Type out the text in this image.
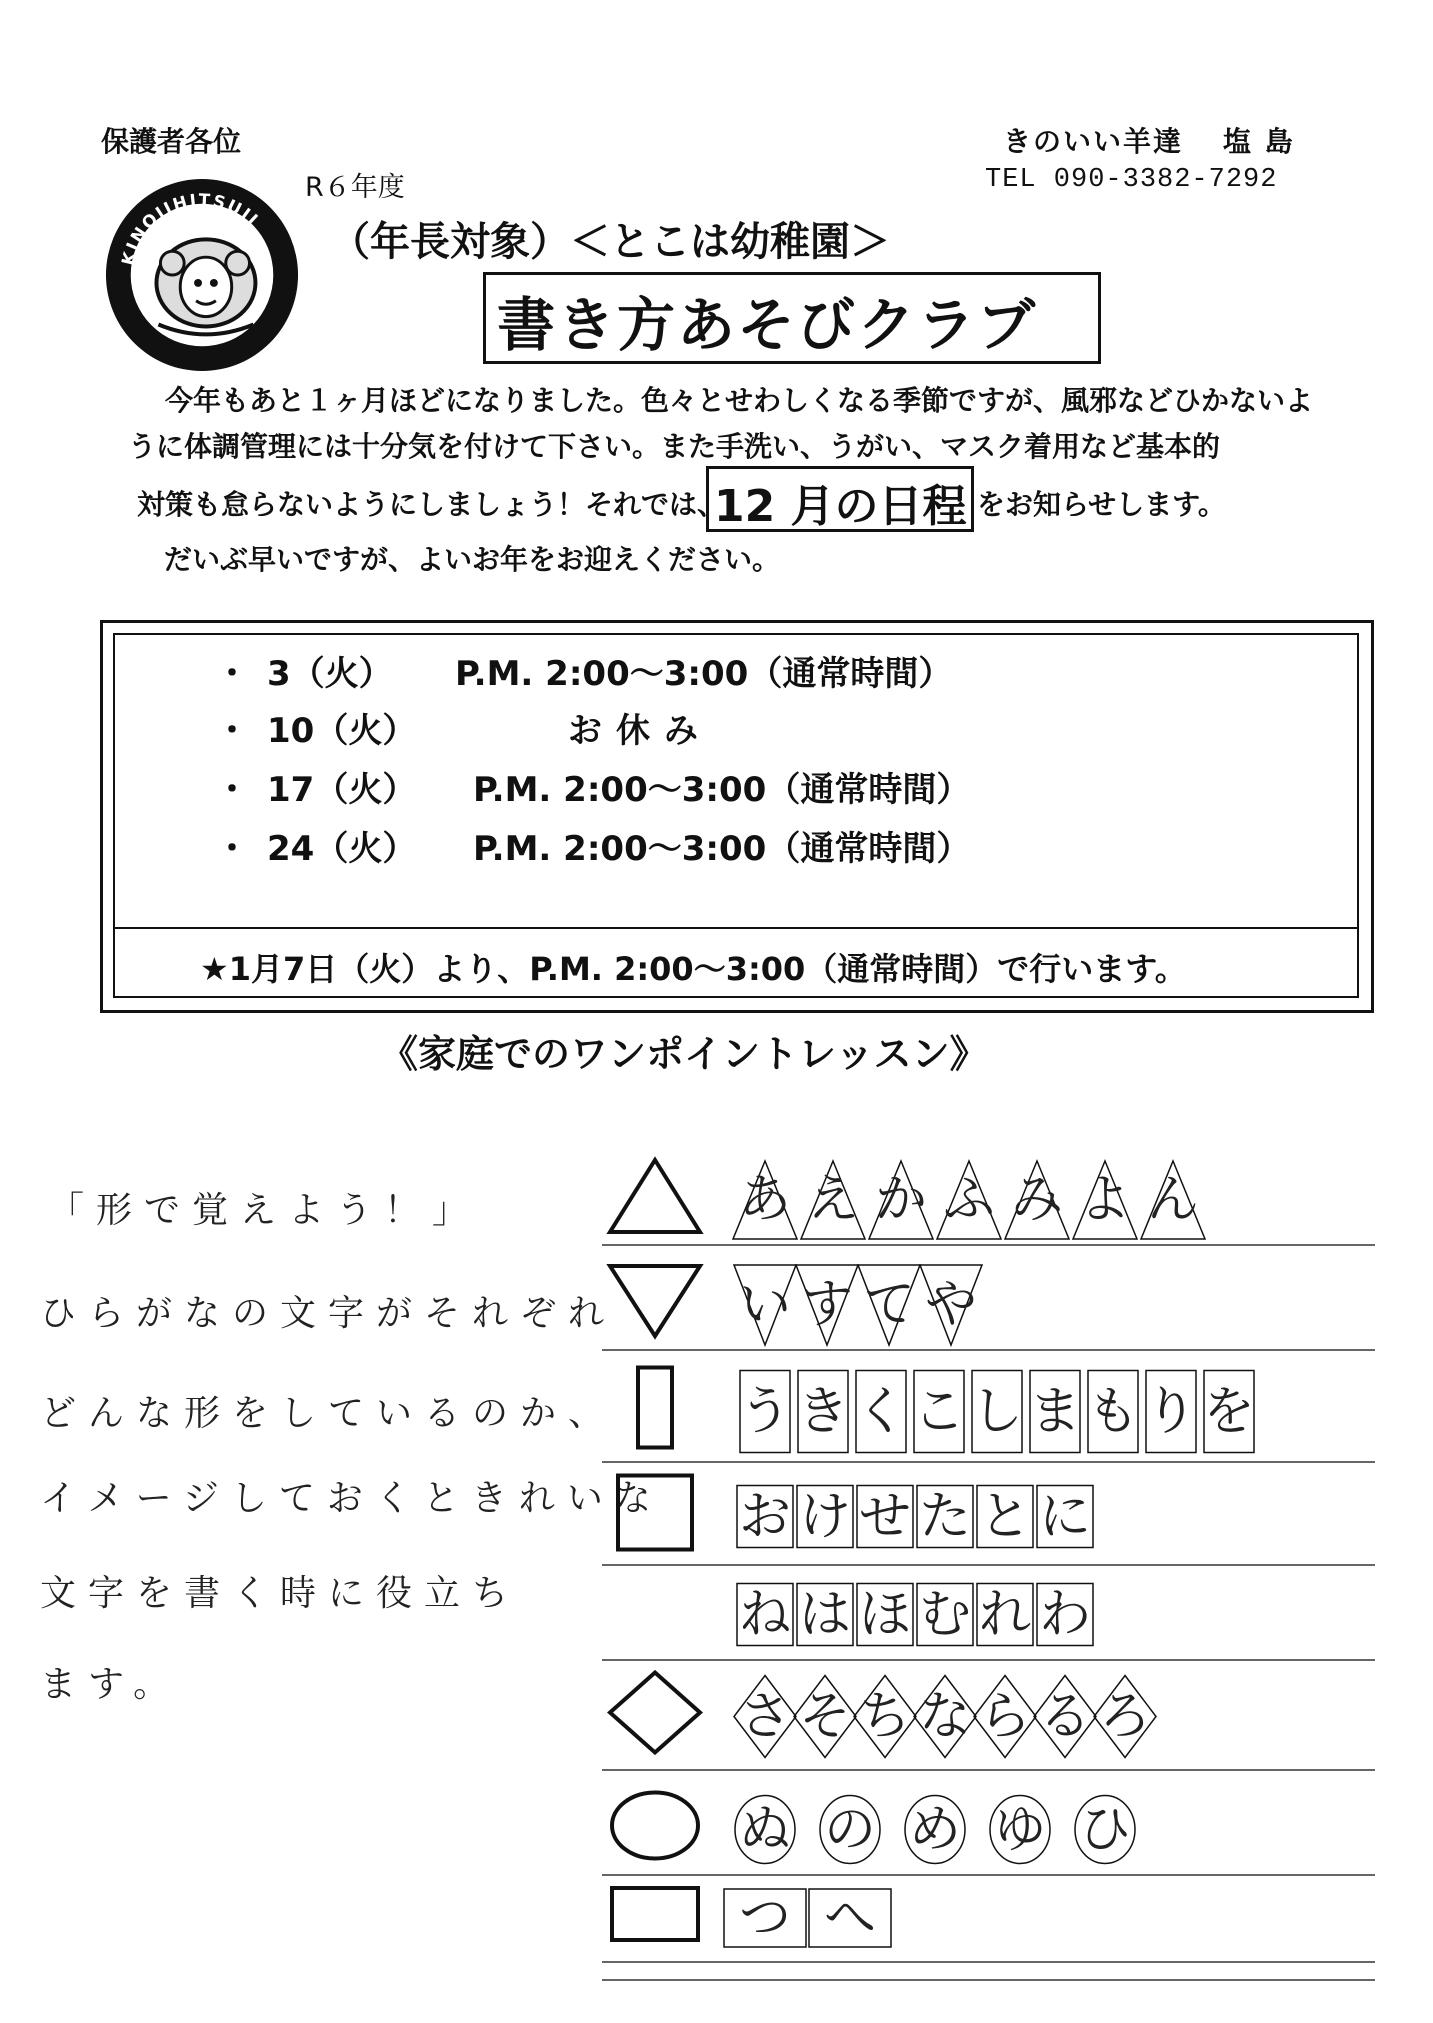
保護者各位	きのいい羊達 塩 島
TEL 090-3382-7292
R６年度
KINOIIHITSUJI （年長対象）＜とこは幼稚園＞
書き方あそびクラブ
今年もあと１ヶ月ほどになりました。色々とせわしくなる季節ですが、風邪などひかないよ
うに体調管理には十分気を付けて下さい。また手洗い、うがい、マスク着用など基本的
対策も怠らないようにしましょう！それでは、
12 月の日程 をお知らせします。
だいぶ早いですが、よいお年をお迎えください。
・ 3（火） P.M. 2:00～3:00（通常時間）
・ 10（火）	お休み
・ 17（火） P.M. 2:00～3:00（通常時間）
・ 24（火） P.M. 2:00～3:00（通常時間）
★1月7日（火）より、P.M. 2:00～3:00（通常時間）で行います。
《家庭でのワンポイントレッスン》
「形で覚えよう！」
ひらがなの文字がそれぞれ
どんな形をしているのか、
イメージしておくときれいな
文字を書く時に役立ち
ます。
あ え か ふ み よ ん
い す て や
う き く こ し ま も り を
お け せ た と に
ね は ほ む れ わ
さ そ ち な ら る ろ
ぬ の め ゆ ひ
つ へ
